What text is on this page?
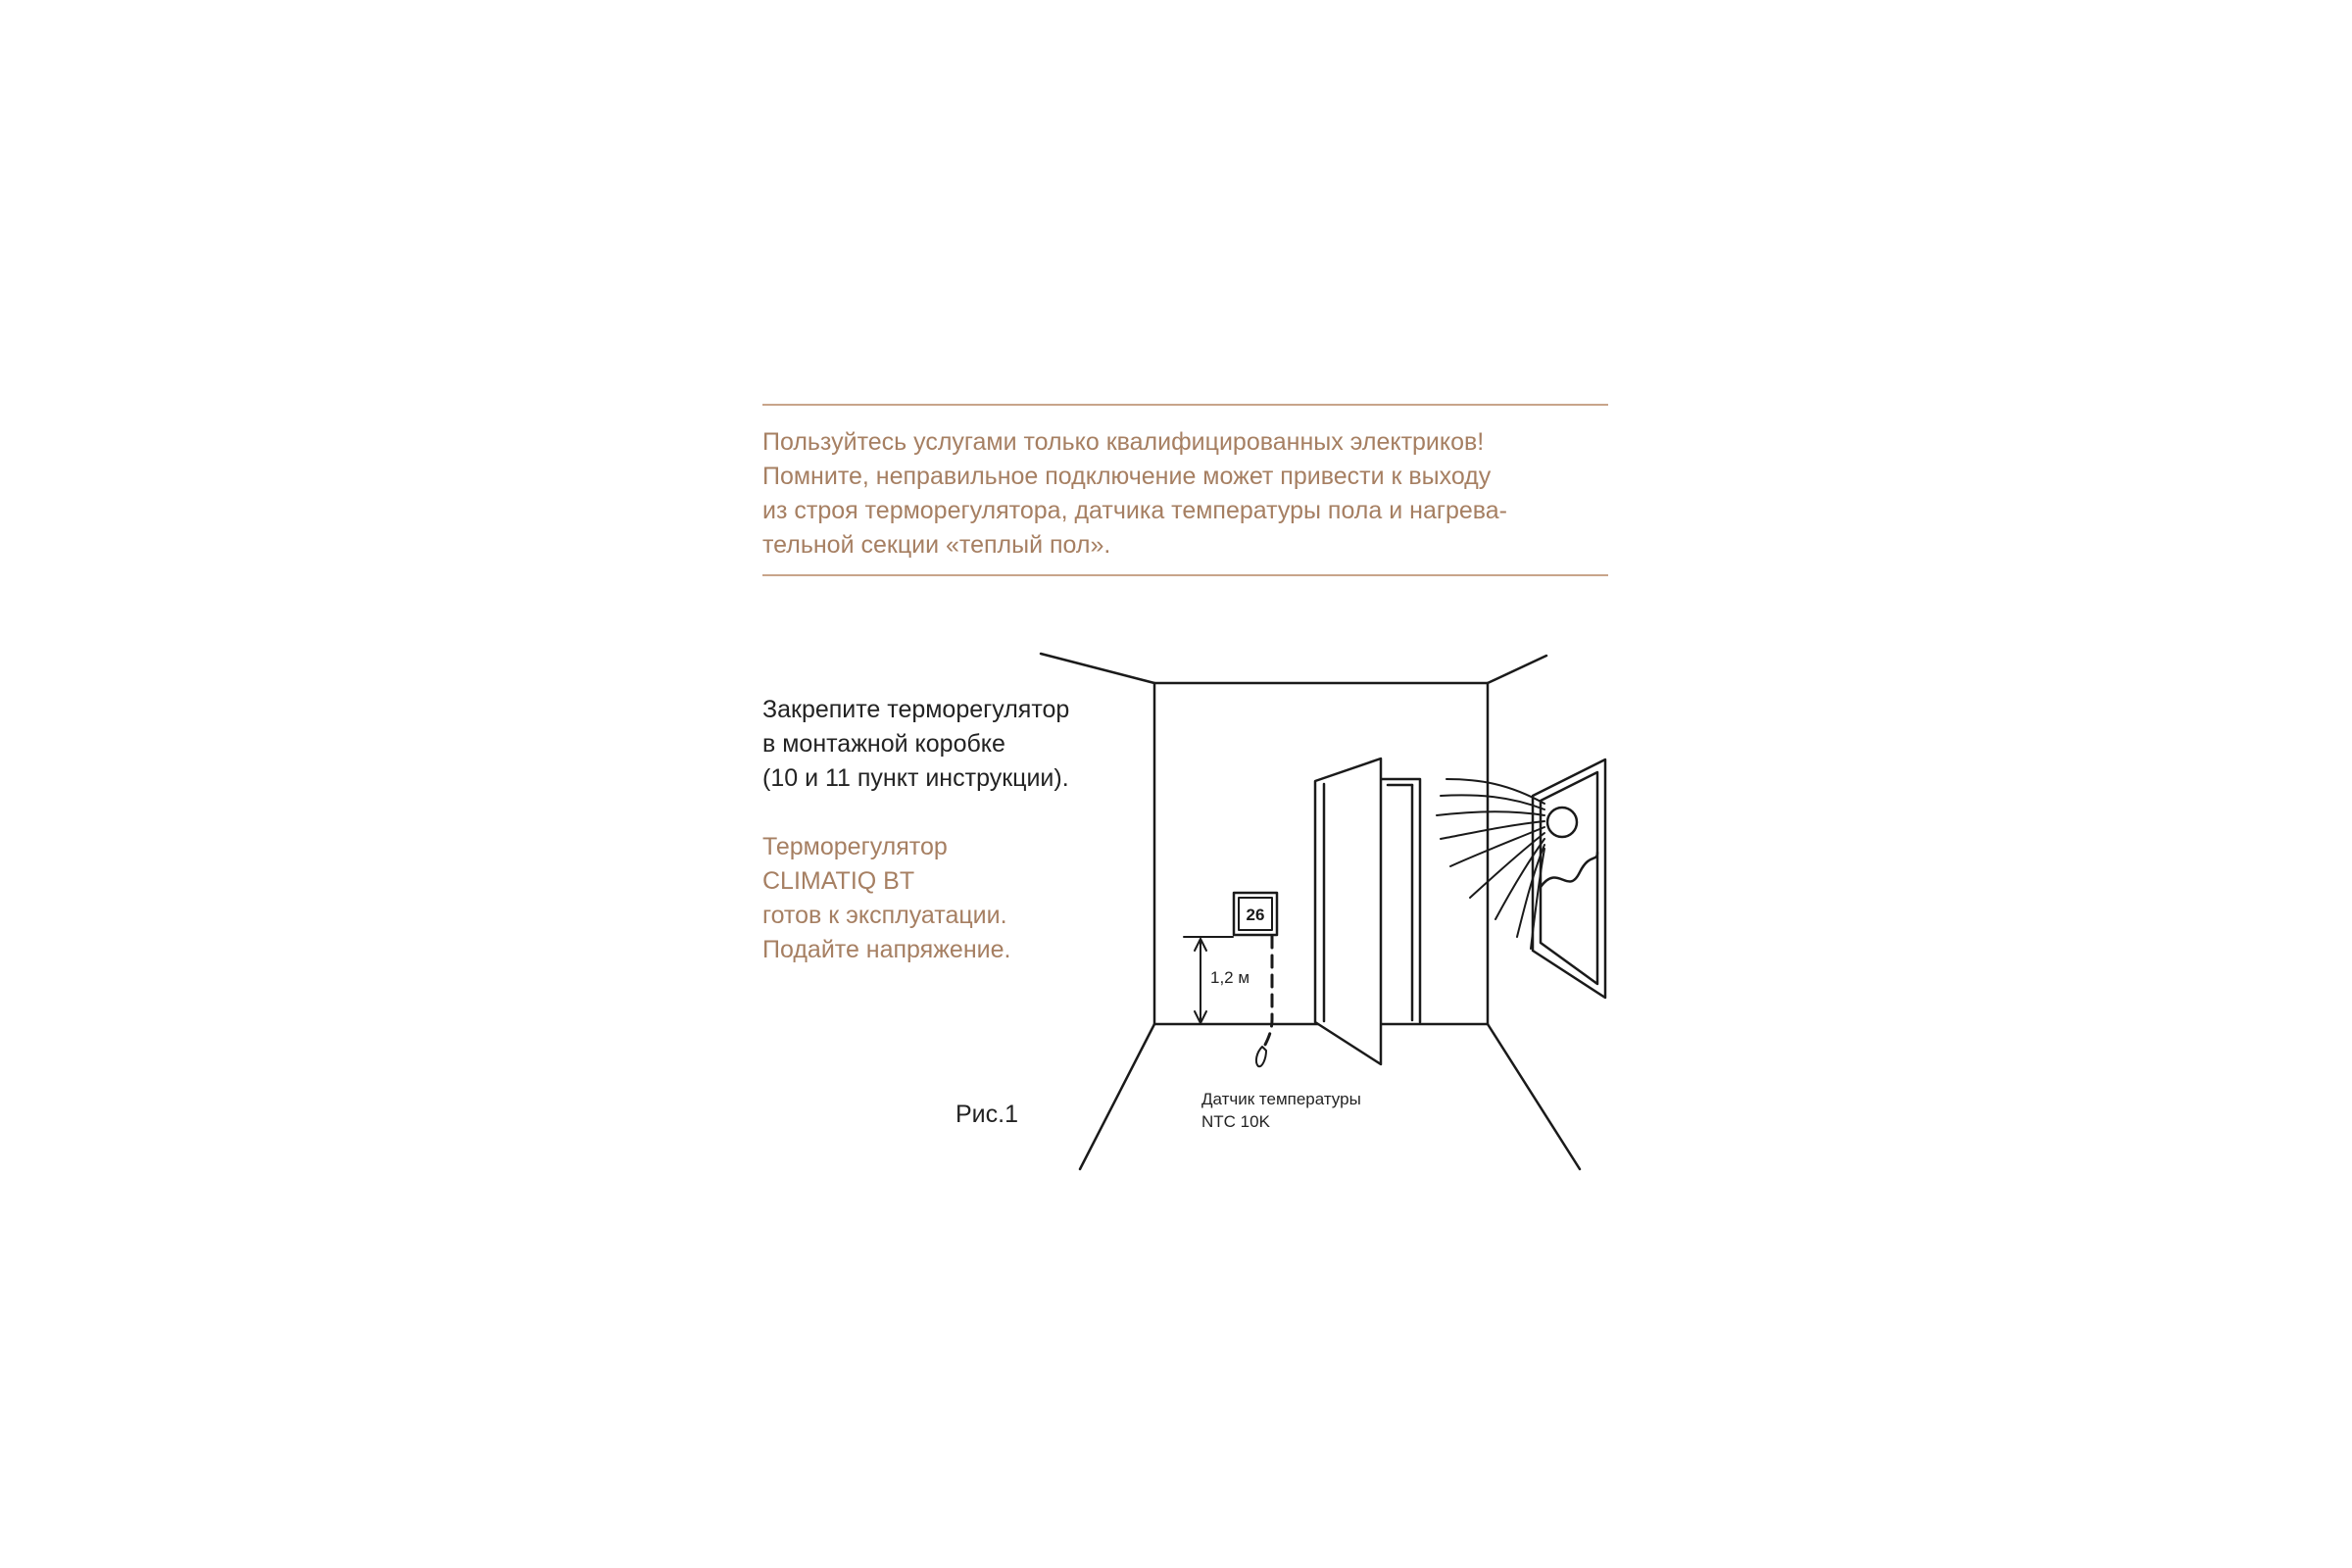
Пользуйтесь услугами только квалифицированных электриков!
Помните, неправильное подключение может привести к выходу
из строя терморегулятора, датчика температуры пола и нагрева-
тельной секции «теплый пол».
Закрепите терморегулятор
в монтажной коробке
(10 и 11 пункт инструкции).
Терморегулятор
CLIMATIQ BT
готов к эксплуатации.
Подайте напряжение.
Рис.1
26
1,2 м
Датчик температуры
NTC 10K
